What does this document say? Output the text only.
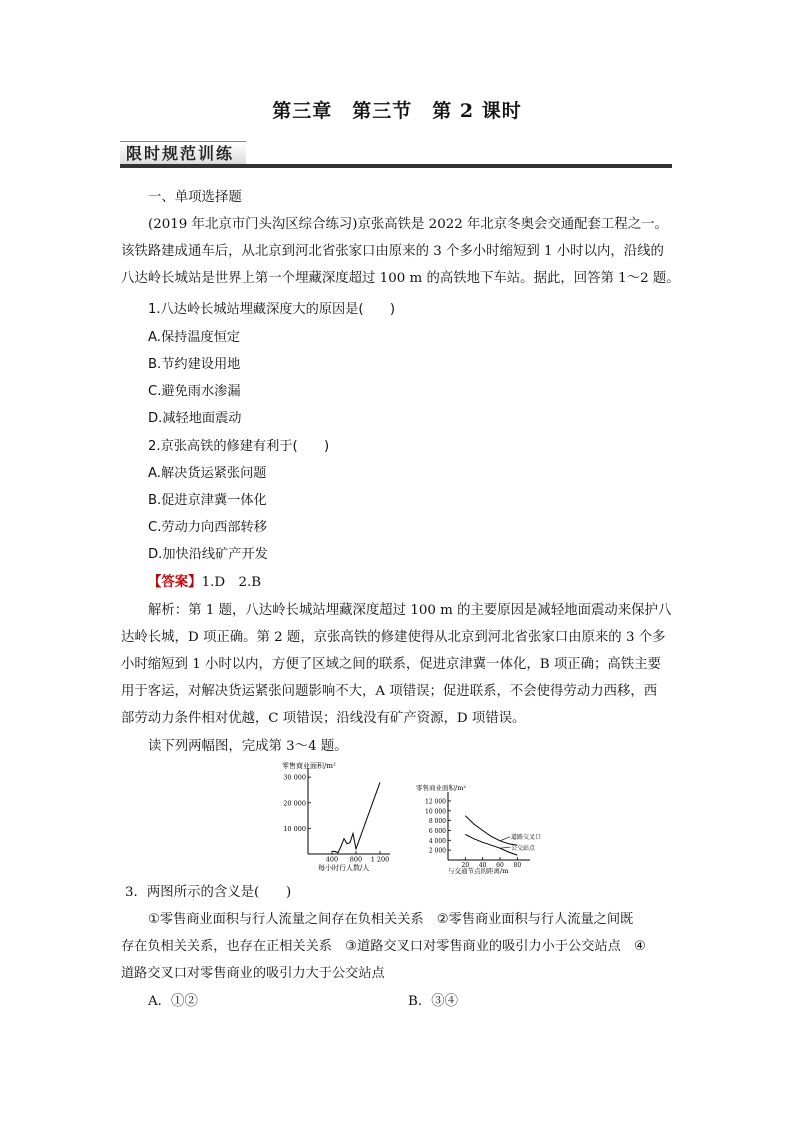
第三章　第三节　第 2 课时
限时规范训练
一、单项选择题
(2019 年北京市门头沟区综合练习)京张高铁是 2022 年北京冬奥会交通配套工程之一。
该铁路建成通车后，从北京到河北省张家口由原来的 3 个多小时缩短到 1 小时以内，沿线的
八达岭长城站是世界上第一个埋藏深度超过 100 m 的高铁地下车站。据此，回答第 1～2 题。
1.八达岭长城站埋藏深度大的原因是(　　)
A.保持温度恒定
B.节约建设用地
C.避免雨水渗漏
D.减轻地面震动
2.京张高铁的修建有利于(　　)
A.解决货运紧张问题
B.促进京津冀一体化
C.劳动力向西部转移
D.加快沿线矿产开发
【答案】1.D　2.B
解析：第 1 题，八达岭长城站埋藏深度超过 100 m 的主要原因是减轻地面震动来保护八
达岭长城，D 项正确。第 2 题，京张高铁的修建使得从北京到河北省张家口由原来的 3 个多
小时缩短到 1 小时以内，方便了区域之间的联系，促进京津冀一体化，B 项正确；高铁主要
用于客运，对解决货运紧张问题影响不大，A 项错误；促进联系，不会使得劳动力西移，西
部劳动力条件相对优越，C 项错误；沿线没有矿产资源，D 项错误。
读下列两幅图，完成第 3～4 题。
3．两图所示的含义是(　　)
①零售商业面积与行人流量之间存在负相关关系　②零售商业面积与行人流量之间既
存在负相关关系，也存在正相关关系　③道路交叉口对零售商业的吸引力小于公交站点　④
道路交叉口对零售商业的吸引力大于公交站点
A．①②	B．③④
零售商业面积/m²
每小时行人数/人
10 000
20 000
30 000
400 800 1 200
零售商业面积/m²
与交通节点的距离/m
2 000
4 000
6 000
8 000
10 000
12 000
20 40 60 80
道路交叉口
公交站点
